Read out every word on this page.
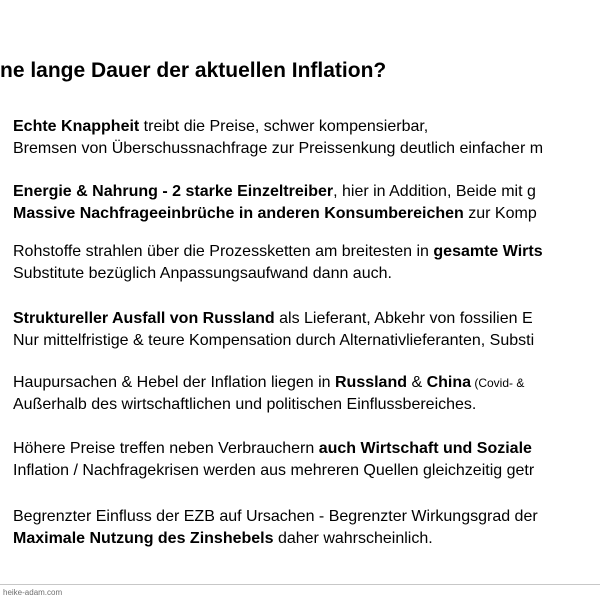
ne lange Dauer der aktuellen Inflation?
Echte Knappheit treibt die Preise, schwer kompensierbar,
Bremsen von Überschussnachfrage zur Preissenkung deutlich einfacher m
Energie & Nahrung - 2 starke Einzeltreiber, hier in Addition, Beide mit g
Massive Nachfrageeinbrüche in anderen Konsumbereichen zur Komp
Rohstoffe strahlen über die Prozessketten am breitesten in gesamte Wirts
Substitute bezüglich Anpassungsaufwand dann auch.
Struktureller Ausfall von Russland als Lieferant, Abkehr von fossilien E
Nur mittelfristige & teure Kompensation durch Alternativlieferanten, Substi
Haupursachen & Hebel der Inflation liegen in Russland & China (Covid- &
Außerhalb des wirtschaftlichen und politischen Einflussbereiches.
Höhere Preise treffen neben Verbrauchern auch Wirtschaft und Soziale
Inflation / Nachfragekrisen werden aus mehreren Quellen gleichzeitig getr
Begrenzter Einfluss der EZB auf Ursachen - Begrenzter Wirkungsgrad der
Maximale Nutzung des Zinshebels daher wahrscheinlich.
heike-adam.com
